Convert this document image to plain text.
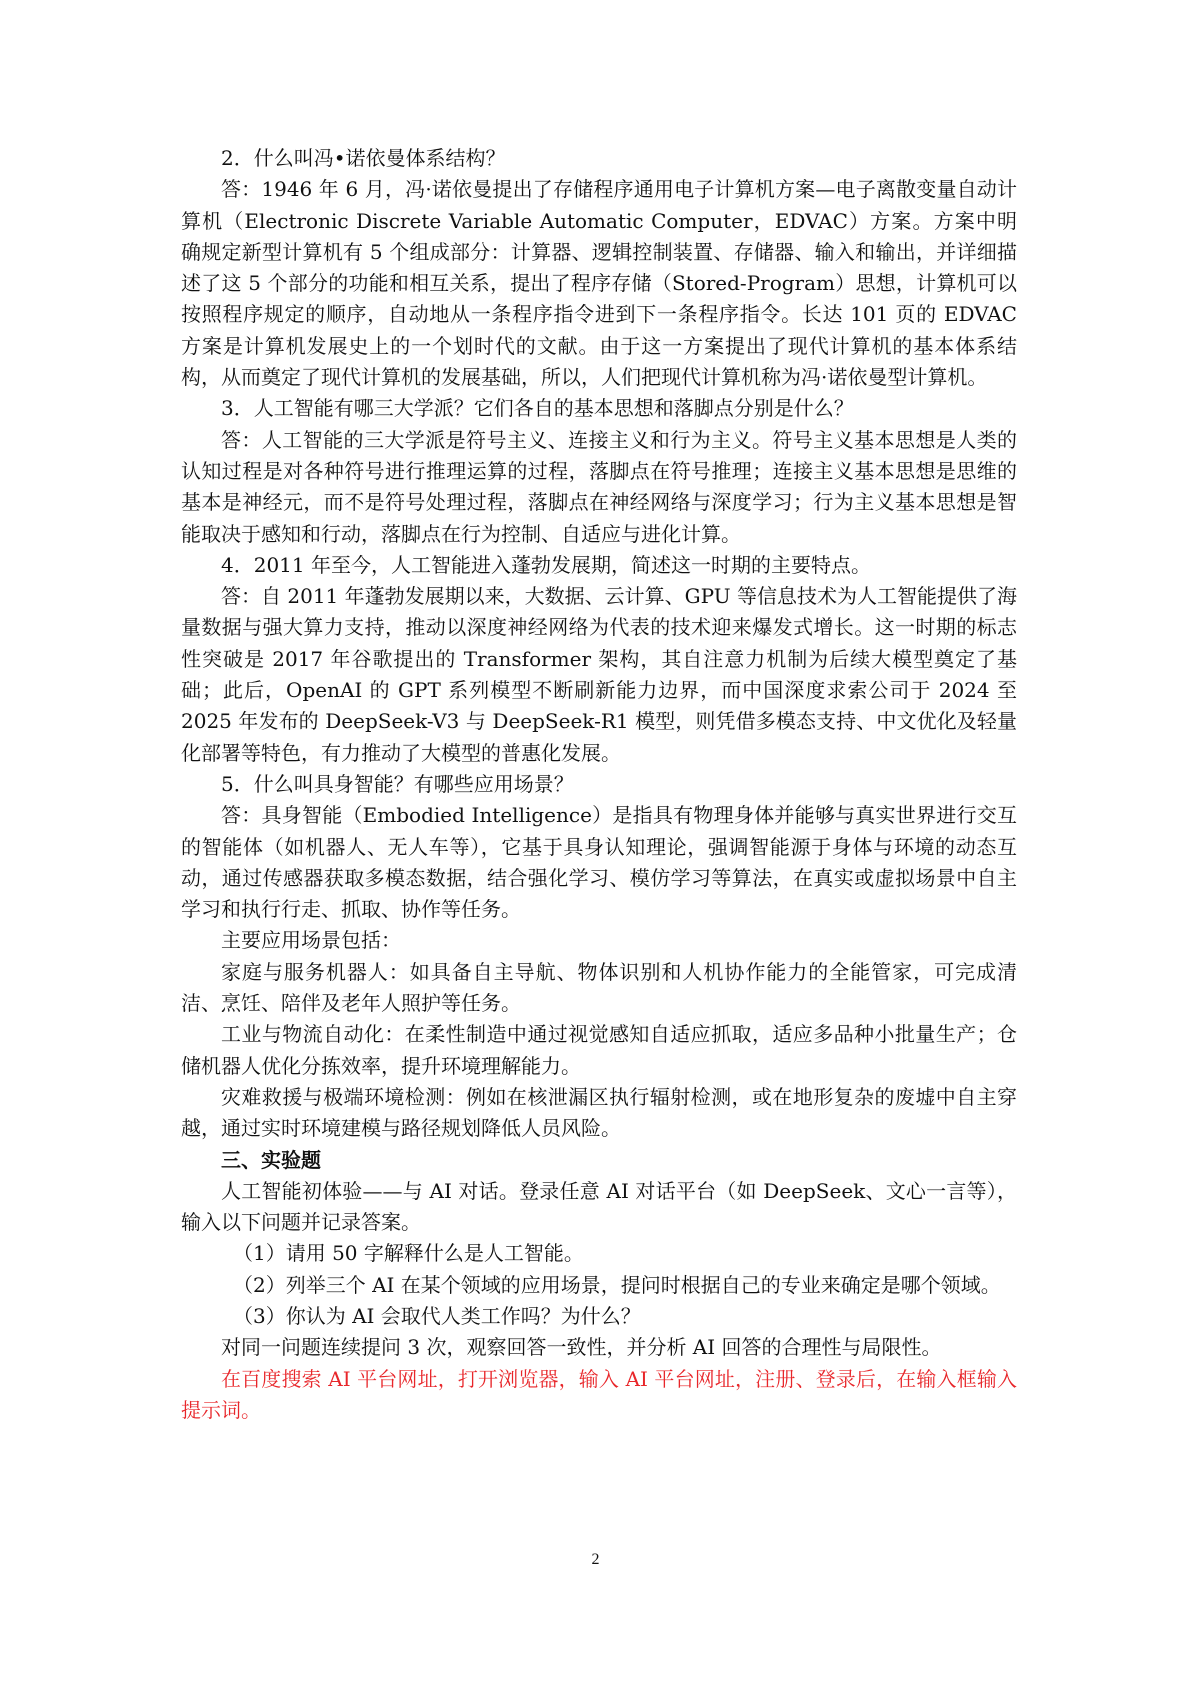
2．什么叫冯•诺依曼体系结构？

答：1946 年 6 月，冯·诺依曼提出了存储程序通用电子计算机方案—电子离散变量自动计算机（Electronic Discrete Variable Automatic Computer，EDVAC）方案。方案中明确规定新型计算机有 5 个组成部分：计算器、逻辑控制装置、存储器、输入和输出，并详细描述了这 5 个部分的功能和相互关系，提出了程序存储（Stored-Program）思想，计算机可以按照程序规定的顺序，自动地从一条程序指令进到下一条程序指令。长达 101 页的 EDVAC 方案是计算机发展史上的一个划时代的文献。由于这一方案提出了现代计算机的基本体系结构，从而奠定了现代计算机的发展基础，所以，人们把现代计算机称为冯·诺依曼型计算机。

3．人工智能有哪三大学派？它们各自的基本思想和落脚点分别是什么？

答：人工智能的三大学派是符号主义、连接主义和行为主义。符号主义基本思想是人类的认知过程是对各种符号进行推理运算的过程，落脚点在符号推理；连接主义基本思想是思维的基本是神经元，而不是符号处理过程，落脚点在神经网络与深度学习；行为主义基本思想是智能取决于感知和行动，落脚点在行为控制、自适应与进化计算。

4．2011 年至今，人工智能进入蓬勃发展期，简述这一时期的主要特点。

答：自 2011 年蓬勃发展期以来，大数据、云计算、GPU 等信息技术为人工智能提供了海量数据与强大算力支持，推动以深度神经网络为代表的技术迎来爆发式增长。这一时期的标志性突破是 2017 年谷歌提出的 Transformer 架构，其自注意力机制为后续大模型奠定了基础；此后，OpenAI 的 GPT 系列模型不断刷新能力边界，而中国深度求索公司于 2024 至 2025 年发布的 DeepSeek-V3 与 DeepSeek-R1 模型，则凭借多模态支持、中文优化及轻量化部署等特色，有力推动了大模型的普惠化发展。

5．什么叫具身智能？有哪些应用场景？

答：具身智能（Embodied Intelligence）是指具有物理身体并能够与真实世界进行交互的智能体（如机器人、无人车等），它基于具身认知理论，强调智能源于身体与环境的动态互动，通过传感器获取多模态数据，结合强化学习、模仿学习等算法，在真实或虚拟场景中自主学习和执行行走、抓取、协作等任务。

主要应用场景包括：

家庭与服务机器人：如具备自主导航、物体识别和人机协作能力的全能管家，可完成清洁、烹饪、陪伴及老年人照护等任务。

工业与物流自动化：在柔性制造中通过视觉感知自适应抓取，适应多品种小批量生产；仓储机器人优化分拣效率，提升环境理解能力。

灾难救援与极端环境检测：例如在核泄漏区执行辐射检测，或在地形复杂的废墟中自主穿越，通过实时环境建模与路径规划降低人员风险。

三、实验题

人工智能初体验——与 AI 对话。登录任意 AI 对话平台（如 DeepSeek、文心一言等），输入以下问题并记录答案。

（1）请用 50 字解释什么是人工智能。

（2）列举三个 AI 在某个领域的应用场景，提问时根据自己的专业来确定是哪个领域。

（3）你认为 AI 会取代人类工作吗？为什么？

对同一问题连续提问 3 次，观察回答一致性，并分析 AI 回答的合理性与局限性。

在百度搜索 AI 平台网址，打开浏览器，输入 AI 平台网址，注册、登录后，在输入框输入提示词。

2
